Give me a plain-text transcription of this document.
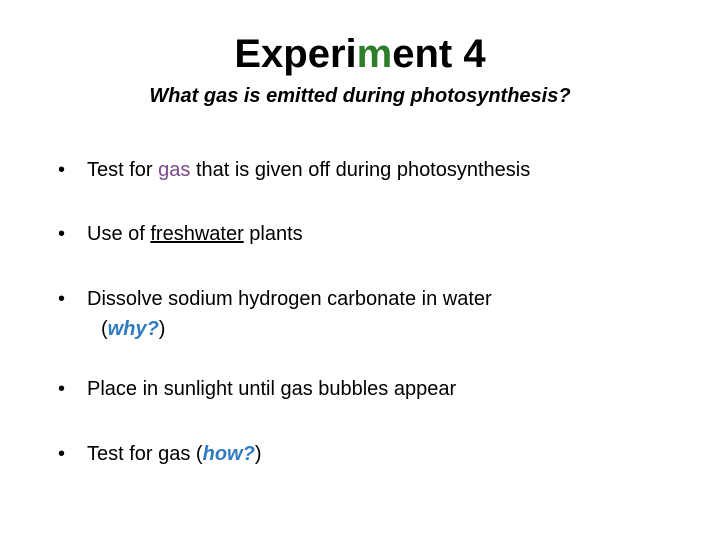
Experiment 4
What gas is emitted during photosynthesis?
•	Test for gas that is given off during photosynthesis
•	Use of freshwater plants
•	Dissolve sodium hydrogen carbonate in water
(why?)
•	Place in sunlight until gas bubbles appear
•	Test for gas (how?)
